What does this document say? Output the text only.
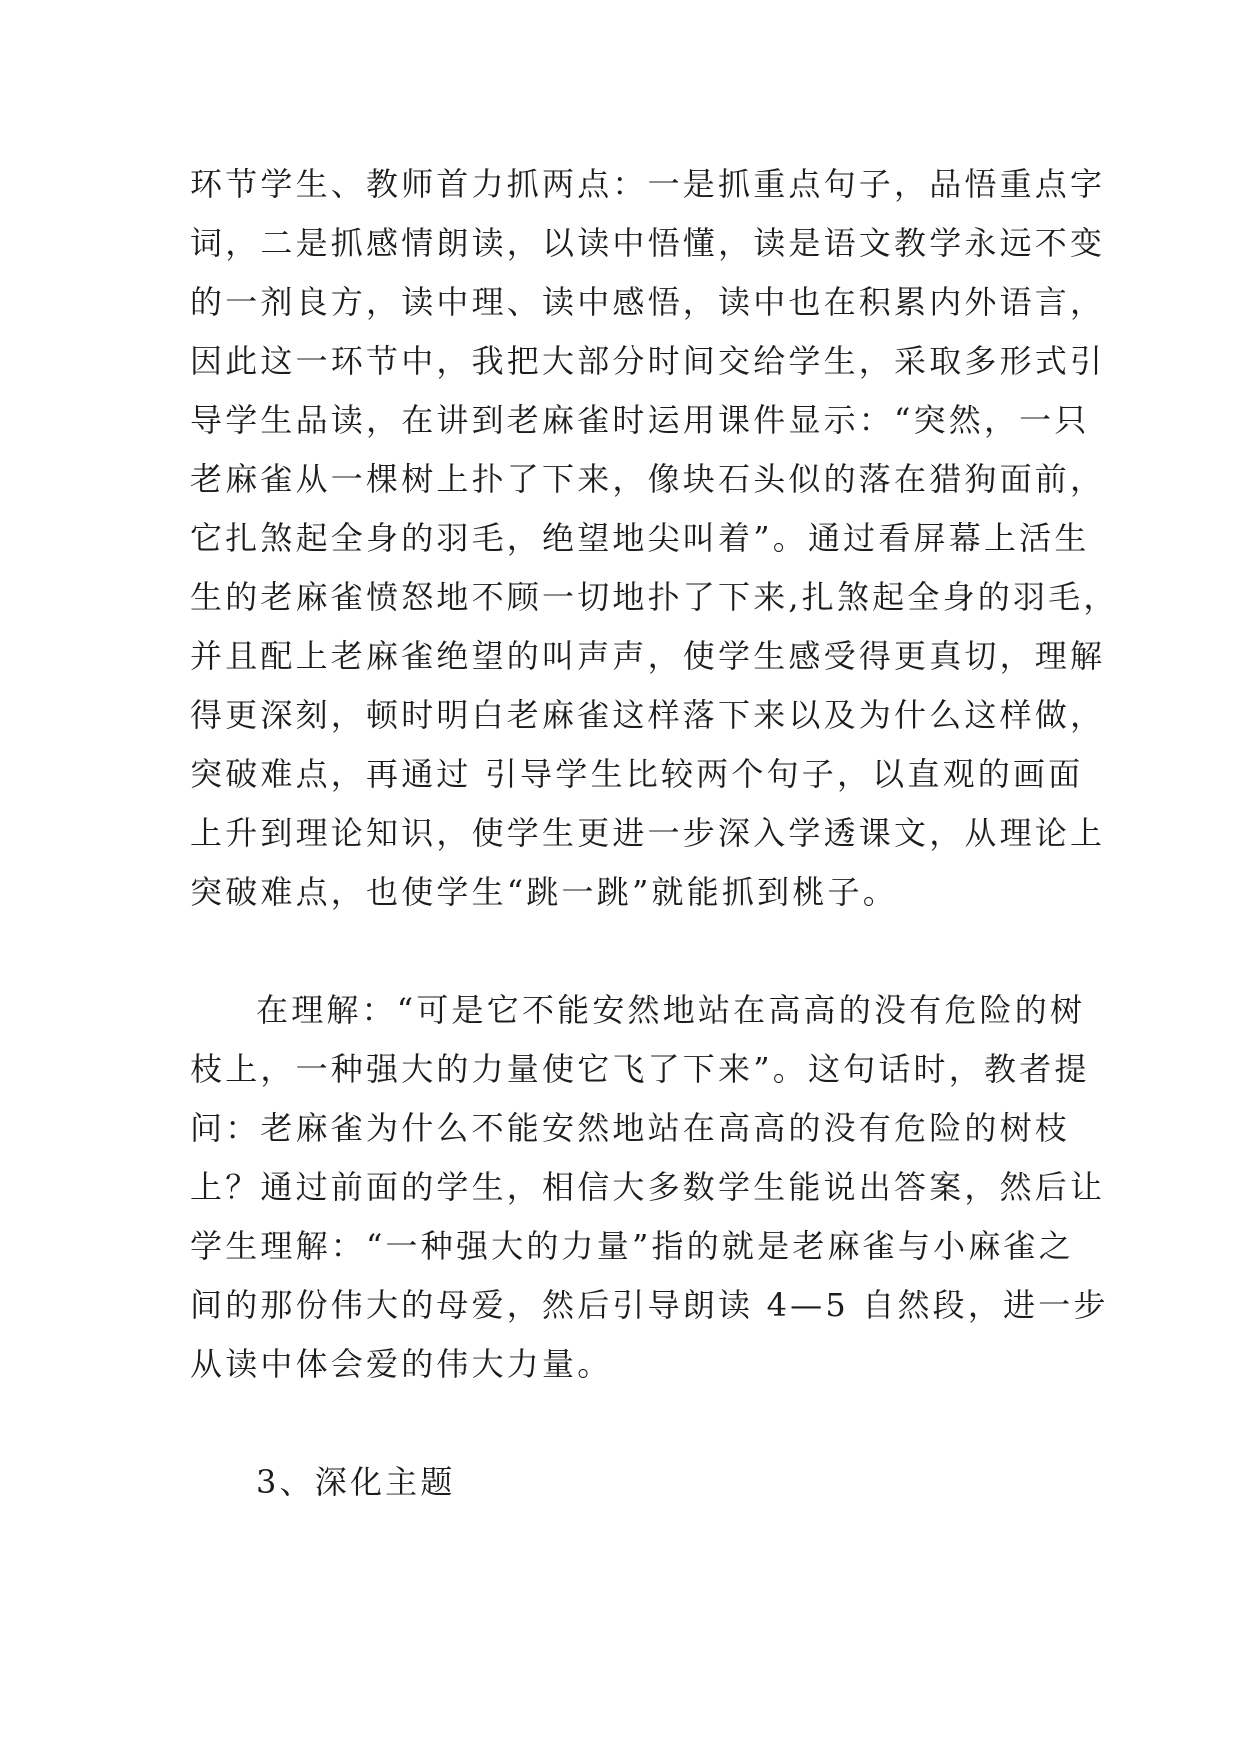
环节学生、教师首力抓两点：一是抓重点句子，品悟重点字
词，二是抓感情朗读，以读中悟懂，读是语文教学永远不变
的一剂良方，读中理、读中感悟，读中也在积累内外语言，
因此这一环节中，我把大部分时间交给学生，采取多形式引
导学生品读，在讲到老麻雀时运用课件显示：“突然，一只
老麻雀从一棵树上扑了下来，像块石头似的落在猎狗面前，
它扎煞起全身的羽毛，绝望地尖叫着”。通过看屏幕上活生
生的老麻雀愤怒地不顾一切地扑了下来,扎煞起全身的羽毛，
并且配上老麻雀绝望的叫声声，使学生感受得更真切，理解
得更深刻，顿时明白老麻雀这样落下来以及为什么这样做，
突破难点，再通过 引导学生比较两个句子，以直观的画面
上升到理论知识，使学生更进一步深入学透课文，从理论上
突破难点，也使学生“跳一跳”就能抓到桃子。
在理解：“可是它不能安然地站在高高的没有危险的树
枝上，一种强大的力量使它飞了下来”。这句话时，教者提
问：老麻雀为什么不能安然地站在高高的没有危险的树枝
上？通过前面的学生，相信大多数学生能说出答案，然后让
学生理解：“一种强大的力量”指的就是老麻雀与小麻雀之
间的那份伟大的母爱，然后引导朗读 4—5 自然段，进一步
从读中体会爱的伟大力量。
3、深化主题
